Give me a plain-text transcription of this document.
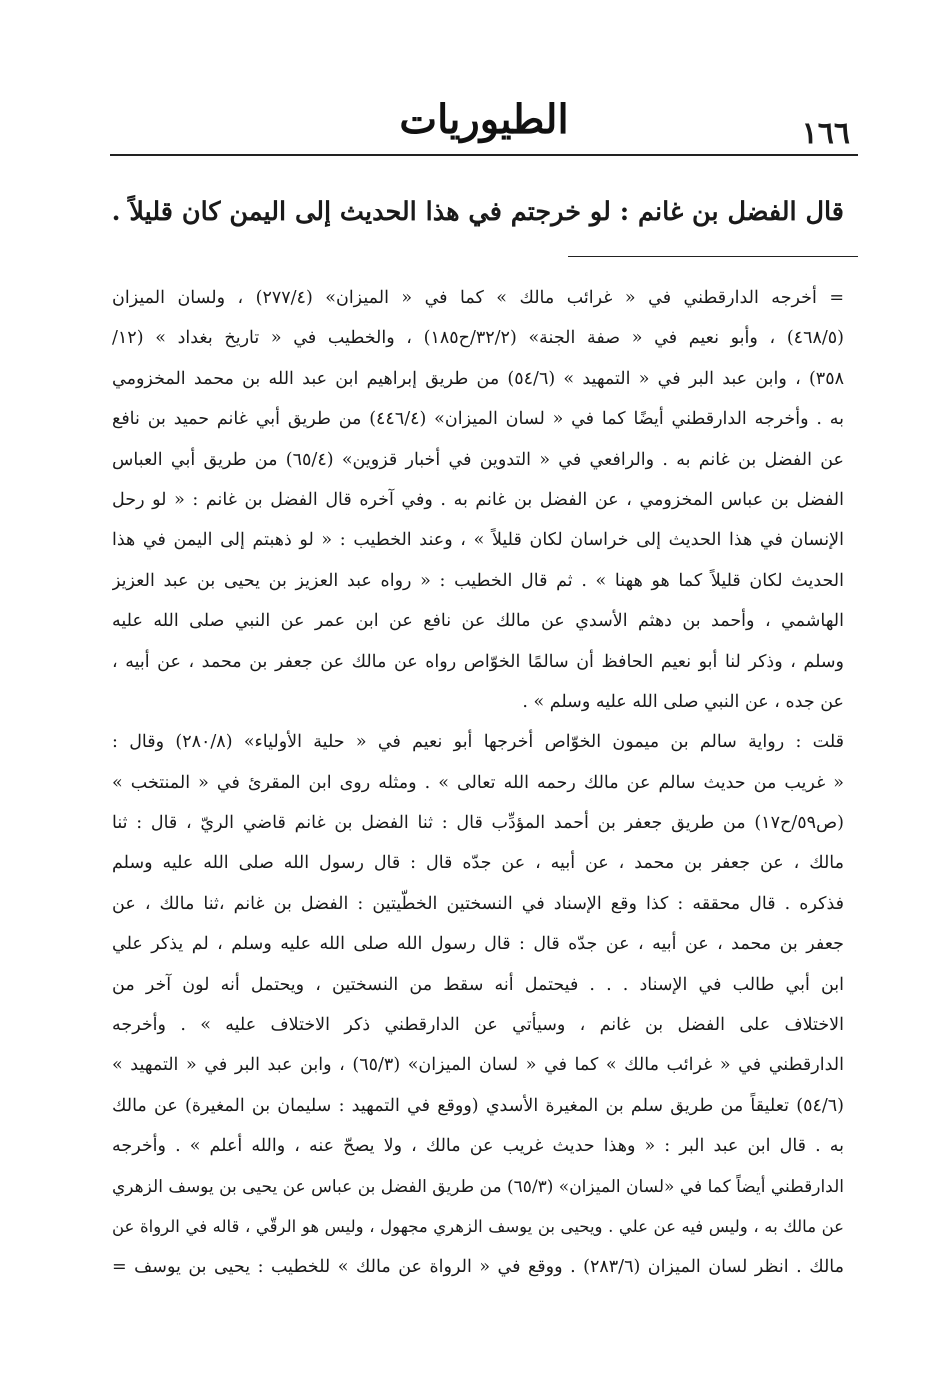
الطيوريات	١٦٦
قال الفضل بن غانم : لو خرجتم في هذا الحديث إلى اليمن كان قليلاً .
= أخرجه الدارقطني في « غرائب مالك » كما في « الميزان» (٢٧٧/٤) ، ولسان الميزان
(٤٦٨/٥) ، وأبو نعيم في « صفة الجنة» (٣٢/٢/ح١٨٥) ، والخطيب في « تاريخ بغداد » (١٢/
٣٥٨) ، وابن عبد البر في « التمهيد » (٥٤/٦) من طريق إبراهيم ابن عبد الله بن محمد المخزومي
به . وأخرجه الدارقطني أيضًا كما في « لسان الميزان» (٤٤٦/٤) من طريق أبي غانم حميد بن نافع
عن الفضل بن غانم به . والرافعي في « التدوين في أخبار قزوين» (٦٥/٤) من طريق أبي العباس
الفضل بن عباس المخزومي ، عن الفضل بن غانم به . وفي آخره قال الفضل بن غانم : « لو رحل
الإنسان في هذا الحديث إلى خراسان لكان قليلاً » ، وعند الخطيب : « لو ذهبتم إلى اليمن في هذا
الحديث لكان قليلاً كما هو ههنا » . ثم قال الخطيب : « رواه عبد العزيز بن يحيى بن عبد العزيز
الهاشمي ، وأحمد بن دهثم الأسدي عن مالك عن نافع عن ابن عمر عن النبي صلى الله عليه
وسلم ، وذكر لنا أبو نعيم الحافظ أن سالمًا الخوّاص رواه عن مالك عن جعفر بن محمد ، عن أبيه ،
عن جده ، عن النبي صلى الله عليه وسلم » .
قلت : رواية سالم بن ميمون الخوّاص أخرجها أبو نعيم في « حلية الأولياء» (٢٨٠/٨) وقال :
« غريب من حديث سالم عن مالك رحمه الله تعالى » . ومثله روى ابن المقرئ في « المنتخب »
(ص٥٩/ح١٧) من طريق جعفر بن أحمد المؤدِّب قال : ثنا الفضل بن غانم قاضي الريّ ، قال : ثنا
مالك ، عن جعفر بن محمد ، عن أبيه ، عن جدّه قال : قال رسول الله صلى الله عليه وسلم
فذكره . قال محققه : كذا وقع الإسناد في النسختين الخطّيتين : الفضل بن غانم ،ثنا مالك ، عن
جعفر بن محمد ، عن أبيه ، عن جدّه قال : قال رسول الله صلى الله عليه وسلم ، لم يذكر علي
ابن أبي طالب في الإسناد . . . فيحتمل أنه سقط من النسختين ، ويحتمل أنه لون آخر من
الاختلاف على الفضل بن غانم ، وسيأتي عن الدارقطني ذكر الاختلاف عليه » . وأخرجه
الدارقطني في « غرائب مالك » كما في « لسان الميزان» (٦٥/٣) ، وابن عبد البر في « التمهيد »
(٥٤/٦) تعليقاً من طريق سلم بن المغيرة الأسدي (ووقع في التمهيد : سليمان بن المغيرة) عن مالك
به . قال ابن عبد البر : « وهذا حديث غريب عن مالك ، ولا يصحّ عنه ، والله أعلم » . وأخرجه
الدارقطني أيضاً كما في «لسان الميزان» (٦٥/٣) من طريق الفضل بن عباس عن يحيى بن يوسف الزهري
عن مالك به ، وليس فيه عن علي . ويحيى بن يوسف الزهري مجهول ، وليس هو الرقّي ، قاله في الرواة عن
مالك . انظر لسان الميزان (٢٨٣/٦) . ووقع في « الرواة عن مالك » للخطيب : يحيى بن يوسف =
